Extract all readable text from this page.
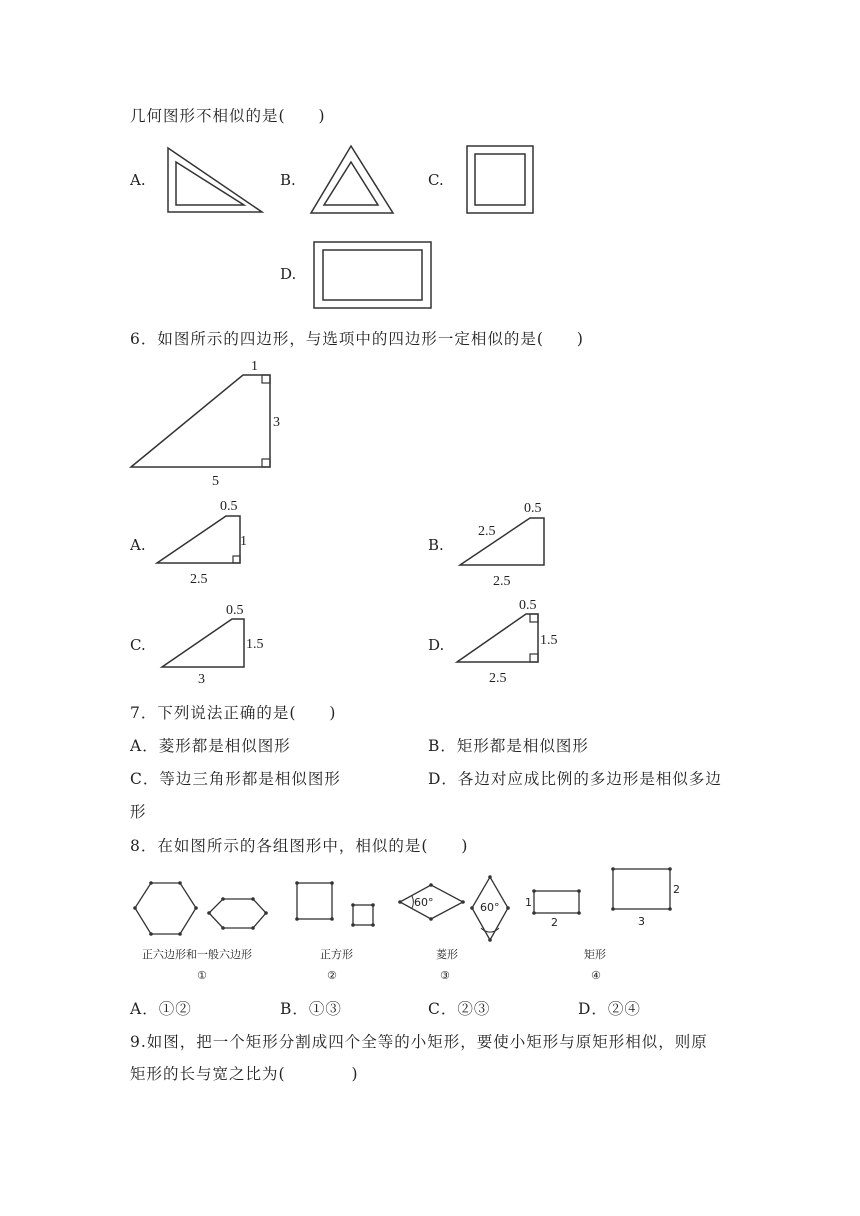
几何图形不相似的是(　　)
A.	B.	C.
D.
1
3
5
0.5
1
2.5
0.5
2.5
2.5
0.5
1.5
3
0.5
1.5
2.5
60°	60° 1
2
2
3
正六边形和一般六边形	正方形	菱形	矩形
①	②	③	④
6．如图所示的四边形，与选项中的四边形一定相似的是(　　)
A.	B.
C.	D.
7．下列说法正确的是(　　)
A．菱形都是相似图形	B．矩形都是相似图形
C．等边三角形都是相似图形	D．各边对应成比例的多边形是相似多边
形
8．在如图所示的各组图形中，相似的是(　　)
A．①②	B．①③	C．②③	D．②④
9.如图，把一个矩形分割成四个全等的小矩形，要使小矩形与原矩形相似，则原
矩形的长与宽之比为(　　　　)
